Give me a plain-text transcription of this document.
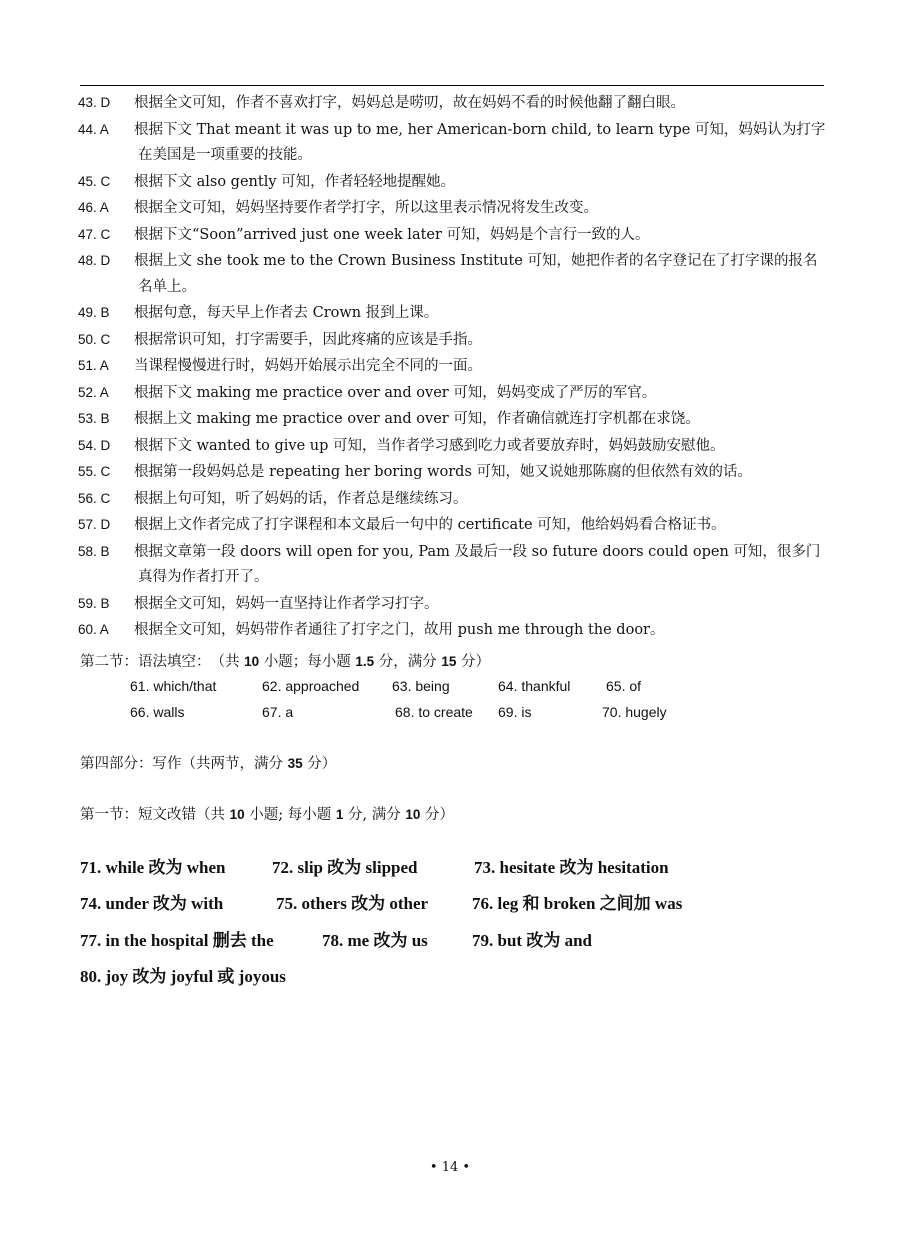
43. D 根据全文可知，作者不喜欢打字，妈妈总是唠叨，故在妈妈不看的时候他翻了翻白眼。
44. A 根据下文 That meant it was up to me, her American-born child, to learn type 可知，妈妈认为打字在美国是一项重要的技能。
45. C 根据下文 also gently 可知，作者轻轻地提醒她。
46. A 根据全文可知，妈妈坚持要作者学打字，所以这里表示情况将发生改变。
47. C 根据下文“Soon”arrived just one week later 可知，妈妈是个言行一致的人。
48. D 根据上文 she took me to the Crown Business Institute 可知，她把作者的名字登记在了打字课的报名名单上。
49. B 根据句意，每天早上作者去 Crown 报到上课。
50. C 根据常识可知，打字需要手，因此疼痛的应该是手指。
51. A 当课程慢慢进行时，妈妈开始展示出完全不同的一面。
52. A 根据下文 making me practice over and over 可知，妈妈变成了严厉的军官。
53. B 根据上文 making me practice over and over 可知，作者确信就连打字机都在求饶。
54. D 根据下文 wanted to give up 可知，当作者学习感到吃力或者要放弃时，妈妈鼓励安慰他。
55. C 根据第一段妈妈总是 repeating her boring words 可知，她又说她那陈腐的但依然有效的话。
56. C 根据上句可知，听了妈妈的话，作者总是继续练习。
57. D 根据上文作者完成了打字课程和本文最后一句中的 certificate 可知，他给妈妈看合格证书。
58. B 根据文章第一段 doors will open for you, Pam 及最后一段 so future doors could open 可知，很多门真得为作者打开了。
59. B 根据全文可知，妈妈一直坚持让作者学习打字。
60. A 根据全文可知，妈妈带作者通往了打字之门，故用 push me through the door。
第二节：语法填空：　（共 10 小题；每小题 1.5 分，满分 15 分）
61. which/that	62. approached 63. being	64. thankful	65. of
66. walls	67. a	68. to create 69. is	70. hugely
第四部分：写作（共两节，满分 35 分）
第一节：短文改错（共 10 小题; 每小题 1 分, 满分 10 分）
71. while 改为 when	72. slip 改为 slipped	73. hesitate 改为 hesitation
74. under 改为 with	75. others 改为 other	76. leg 和 broken 之间加 was
77. in the hospital 删去 the	78. me 改为 us	79. but 改为 and
80. joy 改为 joyful 或 joyous
• 14 •
